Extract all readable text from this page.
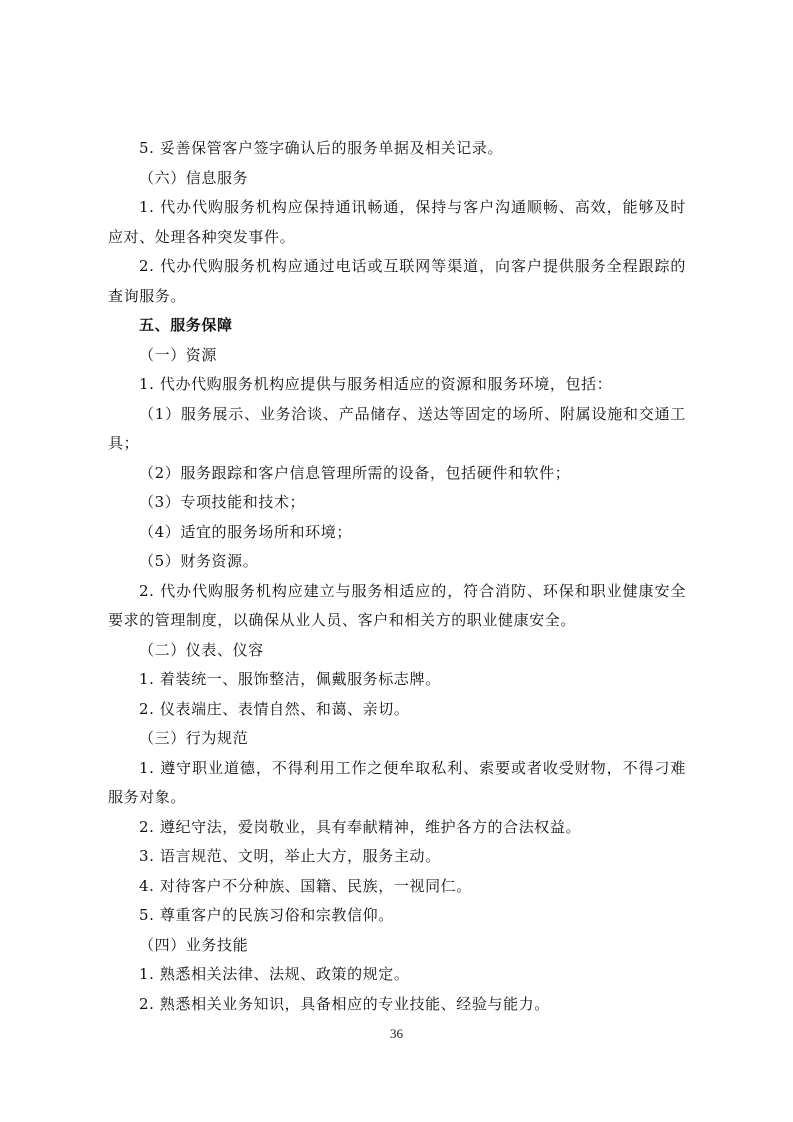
5. 妥善保管客户签字确认后的服务单据及相关记录。

（六）信息服务

1. 代办代购服务机构应保持通讯畅通，保持与客户沟通顺畅、高效，能够及时应对、处理各种突发事件。

2. 代办代购服务机构应通过电话或互联网等渠道，向客户提供服务全程跟踪的查询服务。

五、服务保障

（一）资源

1. 代办代购服务机构应提供与服务相适应的资源和服务环境，包括：

（1）服务展示、业务洽谈、产品储存、送达等固定的场所、附属设施和交通工具；

（2）服务跟踪和客户信息管理所需的设备，包括硬件和软件；

（3）专项技能和技术；

（4）适宜的服务场所和环境；

（5）财务资源。

2. 代办代购服务机构应建立与服务相适应的，符合消防、环保和职业健康安全要求的管理制度，以确保从业人员、客户和相关方的职业健康安全。

（二）仪表、仪容

1. 着装统一、服饰整洁，佩戴服务标志牌。

2. 仪表端庄、表情自然、和蔼、亲切。

（三）行为规范

1. 遵守职业道德，不得利用工作之便牟取私利、索要或者收受财物，不得刁难服务对象。

2. 遵纪守法，爱岗敬业，具有奉献精神，维护各方的合法权益。

3. 语言规范、文明，举止大方，服务主动。

4. 对待客户不分种族、国籍、民族，一视同仁。

5. 尊重客户的民族习俗和宗教信仰。

（四）业务技能

1. 熟悉相关法律、法规、政策的规定。

2. 熟悉相关业务知识，具备相应的专业技能、经验与能力。

36
